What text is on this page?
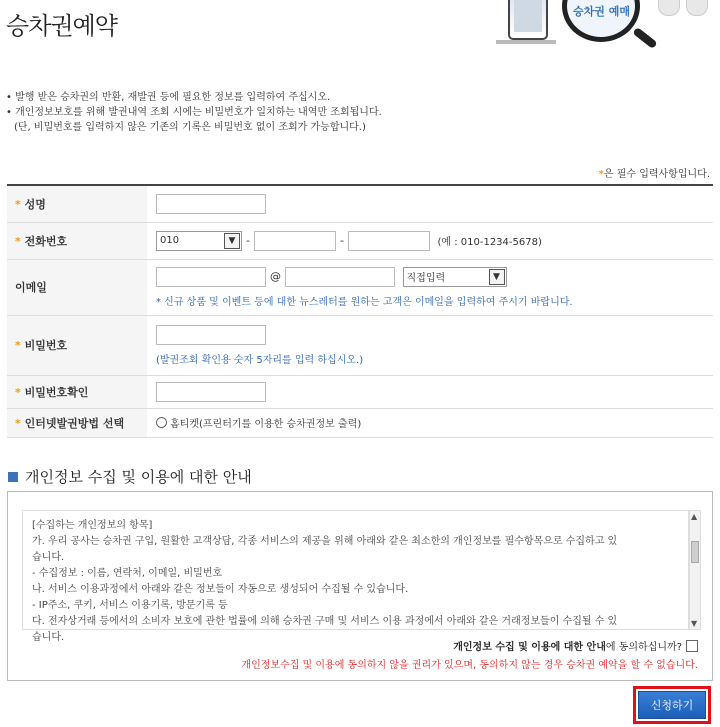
승차권예약
승차권 예매
• 발행 받은 승차권의 반환, 재발권 등에 필요한 정보를 입력하여 주십시오.
• 개인정보보호를 위해 발권내역 조회 시에는 비밀번호가 일치하는 내역만 조회됩니다.
(단, 비밀번호를 입력하지 않은 기존의 기록은 비밀번호 없이 조회가 가능합니다.)
*은 필수 입력사항입니다.
* 성명	
* 전화번호	010 ▼ - - (예 : 010-1234-5678)
이메일	@ 직접입력 ▼
* 신규 상품 및 이벤트 등에 대한 뉴스레터를 원하는 고객은 이메일을 입력하여 주시기 바랍니다.

* 비밀번호	(발권조회 확인용 숫자 5자리를 입력 하십시오.)

* 비밀번호확인	
* 인터넷발권방법 선택	홈티켓(프린터기를 이용한 승차권정보 출력)
개인정보 수집 및 이용에 대한 안내
[수집하는 개인정보의 항목]
가. 우리 공사는 승차권 구입, 원활한 고객상담, 각종 서비스의 제공을 위해 아래와 같은 최소한의 개인정보를 필수항목으로 수집하고 있
습니다.
- 수집정보 : 이름, 연락처, 이메일, 비밀번호
나. 서비스 이용과정에서 아래와 같은 정보들이 자동으로 생성되어 수집될 수 있습니다.
- IP주소, 쿠키, 서비스 이용기록, 방문기록 등
다. 전자상거래 등에서의 소비자 보호에 관한 법률에 의해 승차권 구매 및 서비스 이용 과정에서 아래와 같은 거래정보들이 수집될 수 있
습니다.
▲
▼
개인정보 수집 및 이용에 대한 안내 에 동의하십니까?
개인정보수집 및 이용에 동의하지 않을 권리가 있으며, 동의하지 않는 경우 승차권 예약을 할 수 없습니다.
신청하기
